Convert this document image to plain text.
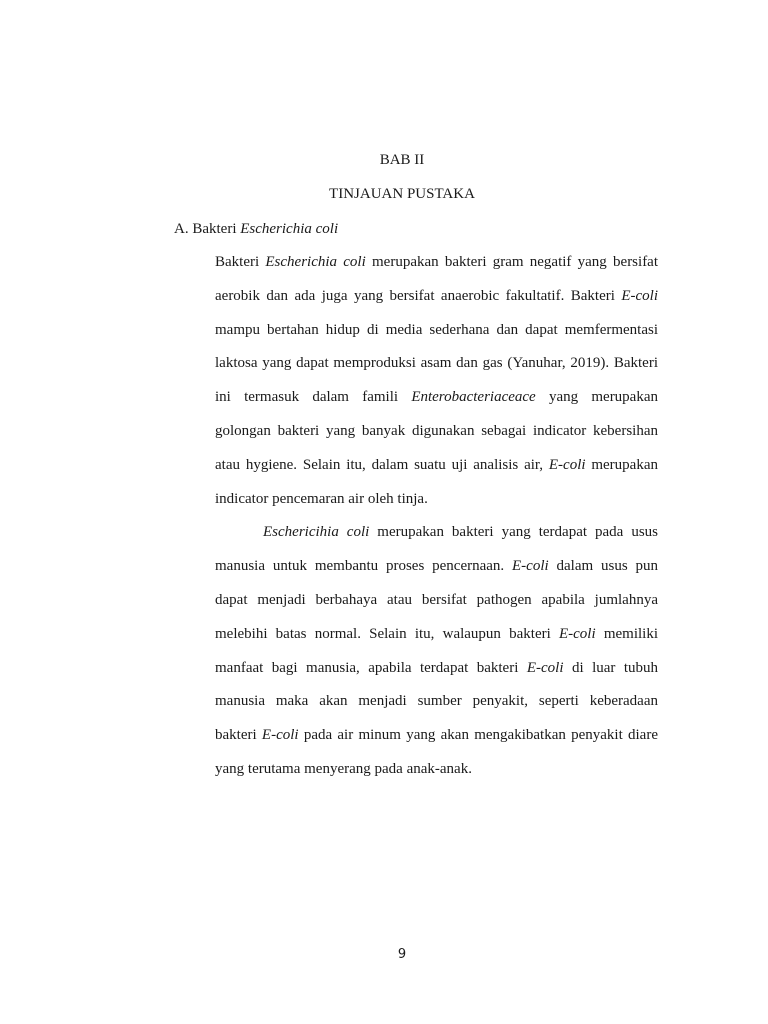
BAB II
TINJAUAN PUSTAKA
A. Bakteri Escherichia coli
Bakteri Escherichia coli merupakan bakteri gram negatif yang bersifat
aerobik dan ada juga yang bersifat anaerobic fakultatif. Bakteri E-coli
mampu bertahan hidup di media sederhana dan dapat memfermentasi
laktosa yang dapat memproduksi asam dan gas (Yanuhar, 2019). Bakteri
ini termasuk dalam famili Enterobacteriaceace yang merupakan
golongan bakteri yang banyak digunakan sebagai indicator kebersihan
atau hygiene. Selain itu, dalam suatu uji analisis air, E-coli merupakan
indicator pencemaran air oleh tinja.
Eschericihia coli merupakan bakteri yang terdapat pada usus
manusia untuk membantu proses pencernaan. E-coli dalam usus pun
dapat menjadi berbahaya atau bersifat pathogen apabila jumlahnya
melebihi batas normal. Selain itu, walaupun bakteri E-coli memiliki
manfaat bagi manusia, apabila terdapat bakteri E-coli di luar tubuh
manusia maka akan menjadi sumber penyakit, seperti keberadaan
bakteri E-coli pada air minum yang akan mengakibatkan penyakit diare
yang terutama menyerang pada anak-anak.
9
